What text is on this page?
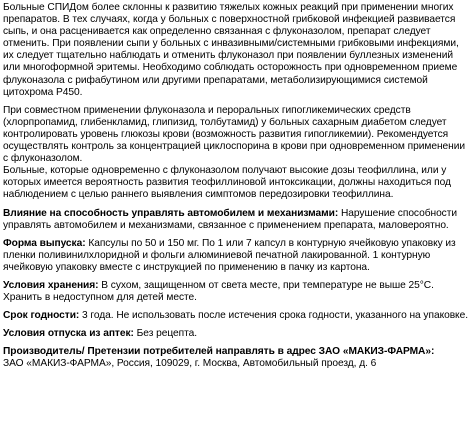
Больные СПИДом более склонны к развитию тяжелых кожных реакций при применении многих препаратов. В тех случаях, когда у больных с поверхностной грибковой инфекцией развивается сыпь, и она расценивается как определенно связанная с флуконазолом, препарат следует отменить. При появлении сыпи у больных с инвазивными/системными грибковыми инфекциями, их следует тщательно наблюдать и отменить флуконазол при появлении буллезных изменений или многоформной эритемы. Необходимо соблюдать осторожность при одновременном приеме флуконазола с рифабутином или другими препаратами, метаболизирующимися системой цитохрома Р450.

При совместном применении флуконазола и пероральных гипогликемических средств (хлорпропамид, глибенкламид, глипизид, толбутамид) у больных сахарным диабетом следует контролировать уровень глюкозы крови (возможность развития гипогликемии). Рекомендуется осуществлять контроль за концентрацией циклоспорина в крови при одновременном применении с флуконазолом.

Больные, которые одновременно с флуконазолом получают высокие дозы теофиллина, или у которых имеется вероятность развития теофиллиновой интоксикации, должны находиться под наблюдением с целью раннего выявления симптомов передозировки теофиллина.

Влияние на способность управлять автомобилем и механизмами: Нарушение способности управлять автомобилем и механизмами, связанное с применением препарата, маловероятно.

Форма выпуска: Капсулы по 50 и 150 мг. По 1 или 7 капсул в контурную ячейковую упаковку из пленки поливинилхлоридной и фольги алюминиевой печатной лакированной. 1 контурную ячейковую упаковку вместе с инструкцией по применению в пачку из картона.

Условия хранения: В сухом, защищенном от света месте, при температуре не выше 25°С. Хранить в недоступном для детей месте.

Срок годности: 3 года. Не использовать после истечения срока годности, указанного на упаковке.

Условия отпуска из аптек: Без рецепта.

Производитель/ Претензии потребителей направлять в адрес ЗАО «МАКИЗ-ФАРМА»:
ЗАО «МАКИЗ-ФАРМА», Россия, 109029, г. Москва, Автомобильный проезд, д. 6
